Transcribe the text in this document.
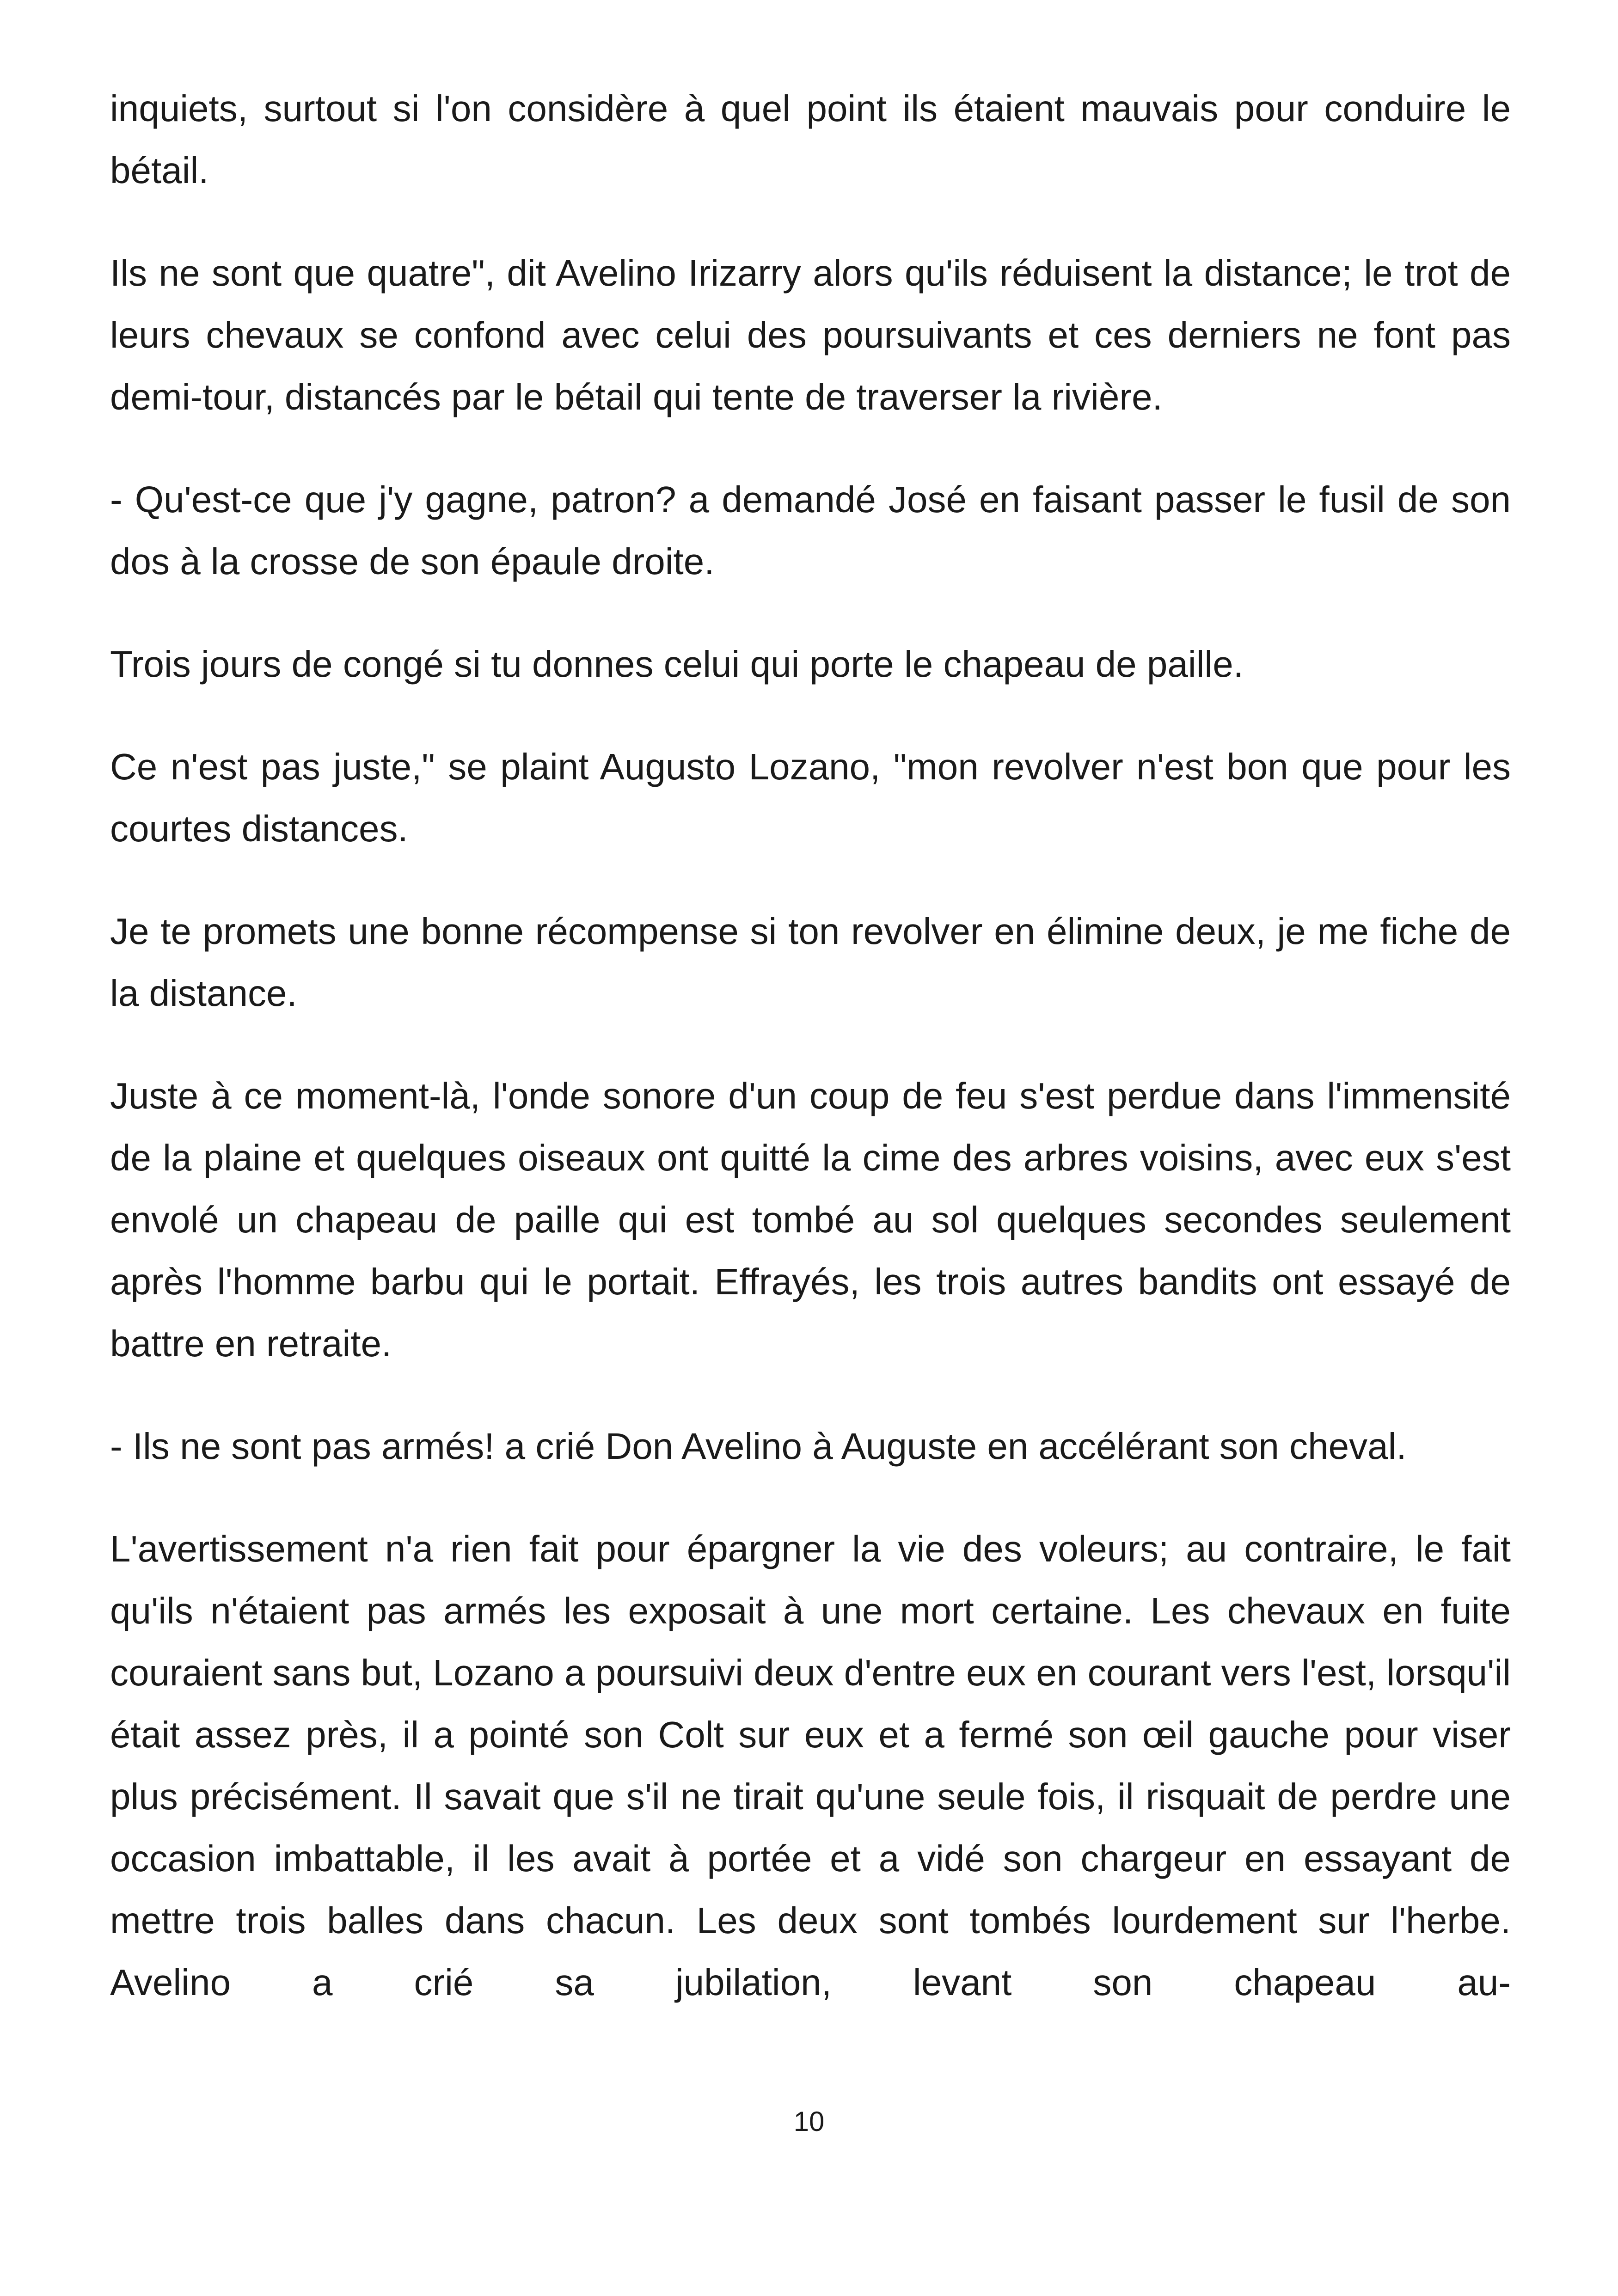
inquiets, surtout si l'on considère à quel point ils étaient mauvais pour conduire le bétail.

Ils ne sont que quatre", dit Avelino Irizarry alors qu'ils réduisent la distance; le trot de leurs chevaux se confond avec celui des poursuivants et ces derniers ne font pas demi-tour, distancés par le bétail qui tente de traverser la rivière.

- Qu'est-ce que j'y gagne, patron? a demandé José en faisant passer le fusil de son dos à la crosse de son épaule droite.

Trois jours de congé si tu donnes celui qui porte le chapeau de paille.

Ce n'est pas juste," se plaint Augusto Lozano, "mon revolver n'est bon que pour les courtes distances.

Je te promets une bonne récompense si ton revolver en élimine deux, je me fiche de la distance.

Juste à ce moment-là, l'onde sonore d'un coup de feu s'est perdue dans l'immensité de la plaine et quelques oiseaux ont quitté la cime des arbres voisins, avec eux s'est envolé un chapeau de paille qui est tombé au sol quelques secondes seulement après l'homme barbu qui le portait. Effrayés, les trois autres bandits ont essayé de battre en retraite.

- Ils ne sont pas armés! a crié Don Avelino à Auguste en accélérant son cheval.

L'avertissement n'a rien fait pour épargner la vie des voleurs; au contraire, le fait qu'ils n'étaient pas armés les exposait à une mort certaine. Les chevaux en fuite couraient sans but, Lozano a poursuivi deux d'entre eux en courant vers l'est, lorsqu'il était assez près, il a pointé son Colt sur eux et a fermé son œil gauche pour viser plus précisément. Il savait que s'il ne tirait qu'une seule fois, il risquait de perdre une occasion imbattable, il les avait à portée et a vidé son chargeur en essayant de mettre trois balles dans chacun. Les deux sont tombés lourdement sur l'herbe. Avelino a crié sa jubilation, levant son chapeau au-

10
